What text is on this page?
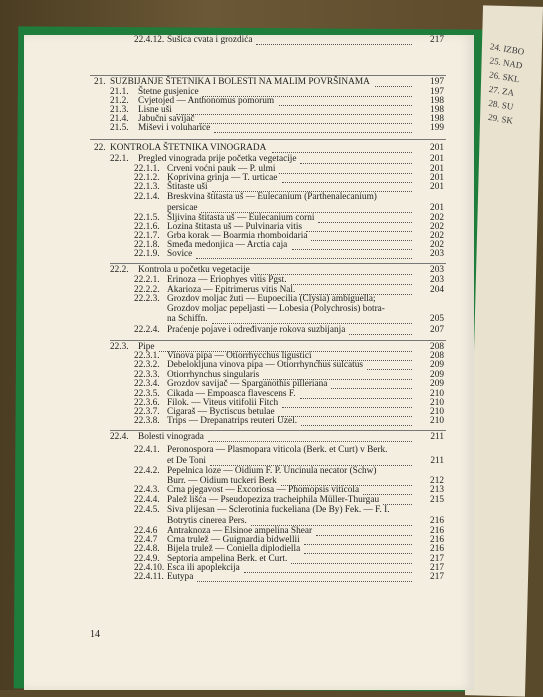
24. IZBO
25. NAD
26. SKL
27. ZA
28. SU
29. SK
21. SUZBIJANJE ŠTETNIKA I BOLESTI NA MALIM POVRŠINAMA	197
21.1. Štetne gusjenice	197
21.2. Cvjetojed — Anthonomus pomorum	198
21.3. Lisne uši	198
21.4. Jabučni savijač	198
21.5. Miševi i voluharice	199
22. KONTROLA ŠTETNIKA VINOGRADA	201
22.1. Pregled vinograda prije početka vegetacije	201
22.1.1. Crveni voćni pauk — P. ulmi	201
22.1.2. Koprivina grinja — T. urticae	201
22.1.3. Štitaste uši	201
22.1.4. Breskvina štitasta uš — Eulecanium (Parthenalecanium)
persicae	201
22.1.5. Šljivina štitasta uš — Eulecanium corni	202
22.1.6. Lozina štitasta uš — Pulvinaria vitis	202
22.1.7. Grba korak — Boarmia rhomboidaria	202
22.1.8. Smeđa medonjica — Arctia caja	202
22.1.9. Sovice	203
22.2. Kontrola u početku vegetacije	203
22.2.1. Erinoza — Eriophyes vitis Pgst.	203
22.2.2. Akarioza — Epitrimerus vitis Nal.	204
22.2.3. Grozdov moljac žuti — Eupoecilia (Clysia) ambiguella;
Grozdov moljac pepeljasti — Lobesia (Polychrosis) botra-
na Schiffn.	205
22.2.4. Praćenje pojave i određivanje rokova suzbijanja	207
22.3. Pipe	208
22.3.1. Vinova pipa — Otiorrhycchus ligustici	208
22.3.2. Debelokljuna vinova pipa — Otiorrhynchus sulcatus	209
22.3.3. Otiorrhynchus singularis	209
22.3.4. Grozdov savijač — Sparganothis pilleriana	209
22.3.5. Cikada — Empoasca flavescens F.	210
22.3.6. Filok. — Viteus vitifolii Fitch	210
22.3.7. Cigaraš — Byctiscus betulae	210
22.3.8. Trips — Drepanatrips reuteri Uzel.	210
22.4. Bolesti vinograda	211
22.4.1. Peronospora — Plasmopara viticola (Berk. et Curt) v Berk.
et De Toni	211
22.4.2. Pepelnica loze — Oidium F. P. Uncinula necator (Schw)
Burr. — Oidium tuckeri Berk	212
22.4.3. Crna pjegavost — Excoriosa — Phomopsis viticola	213
22.4.4. Palež lišća — Pseudopeziza tracheiphila Müller-Thurgau	215
22.4.5. Siva plijesan — Sclerotinia fuckeliana (De By) Fek. — F. I.
Botrytis cinerea Pers.	216
22.4.6 Antraknoza — Elsinoe ampelina Shear	216
22.4.7 Crna trulež — Guignardia bidwellii	216
22.4.8. Bijela trulež — Coniella diplodiella	216
22.4.9. Septoria ampelina Berk. et Curt.	217
22.4.10. Esca ili apoplekcija	217
22.4.11. Eutypa	217
22.4.12. Sušica cvata i grozdića	217
14
